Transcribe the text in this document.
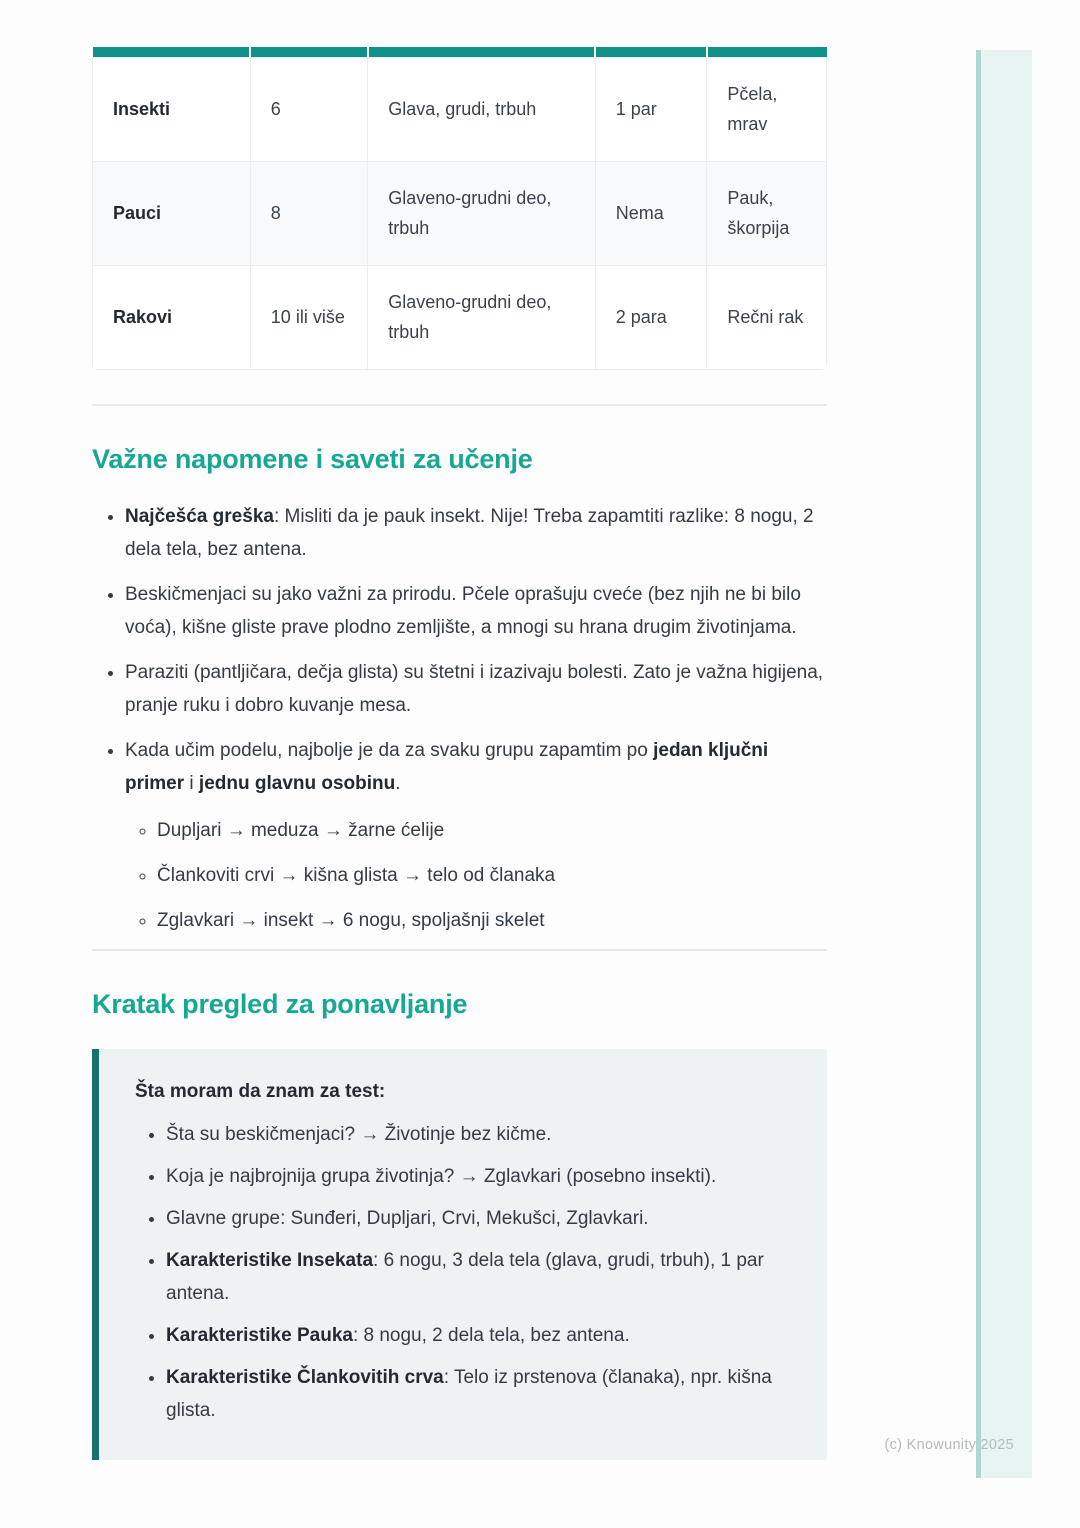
(c) Knowunity 2025

Insekti	6	Glava, grudi, trbuh	1 par	Pčela, mrav
Pauci	8	Glaveno-grudni deo, trbuh	Nema	Pauk, škorpija
Rakovi	10 ili više	Glaveno-grudni deo, trbuh	2 para	Rečni rak
Važne napomene i saveti za učenje
• Najčešća greška: Misliti da je pauk insekt. Nije! Treba zapamtiti razlike: 8 nogu, 2 dela tela, bez antena.
• Beskičmenjaci su jako važni za prirodu. Pčele oprašuju cveće (bez njih ne bi bilo voća), kišne gliste prave plodno zemljište, a mnogi su hrana drugim životinjama.
• Paraziti (pantljičara, dečja glista) su štetni i izazivaju bolesti. Zato je važna higijena, pranje ruku i dobro kuvanje mesa.
• Kada učim podelu, najbolje je da za svaku grupu zapamtim po jedan ključni primer i jednu glavnu osobinu.
◦ Dupljari → meduza → žarne ćelije
◦ Člankoviti crvi → kišna glista → telo od članaka
◦ Zglavkari → insekt → 6 nogu, spoljašnji skelet
Kratak pregled za ponavljanje

Šta moram da znam za test:

• Šta su beskičmenjaci? → Životinje bez kičme.
• Koja je najbrojnija grupa životinja? → Zglavkari (posebno insekti).
• Glavne grupe: Sunđeri, Dupljari, Crvi, Mekušci, Zglavkari.
• Karakteristike Insekata: 6 nogu, 3 dela tela (glava, grudi, trbuh), 1 par antena.
• Karakteristike Pauka: 8 nogu, 2 dela tela, bez antena.
• Karakteristike Člankovitih crva: Telo iz prstenova (članaka), npr. kišna glista.
